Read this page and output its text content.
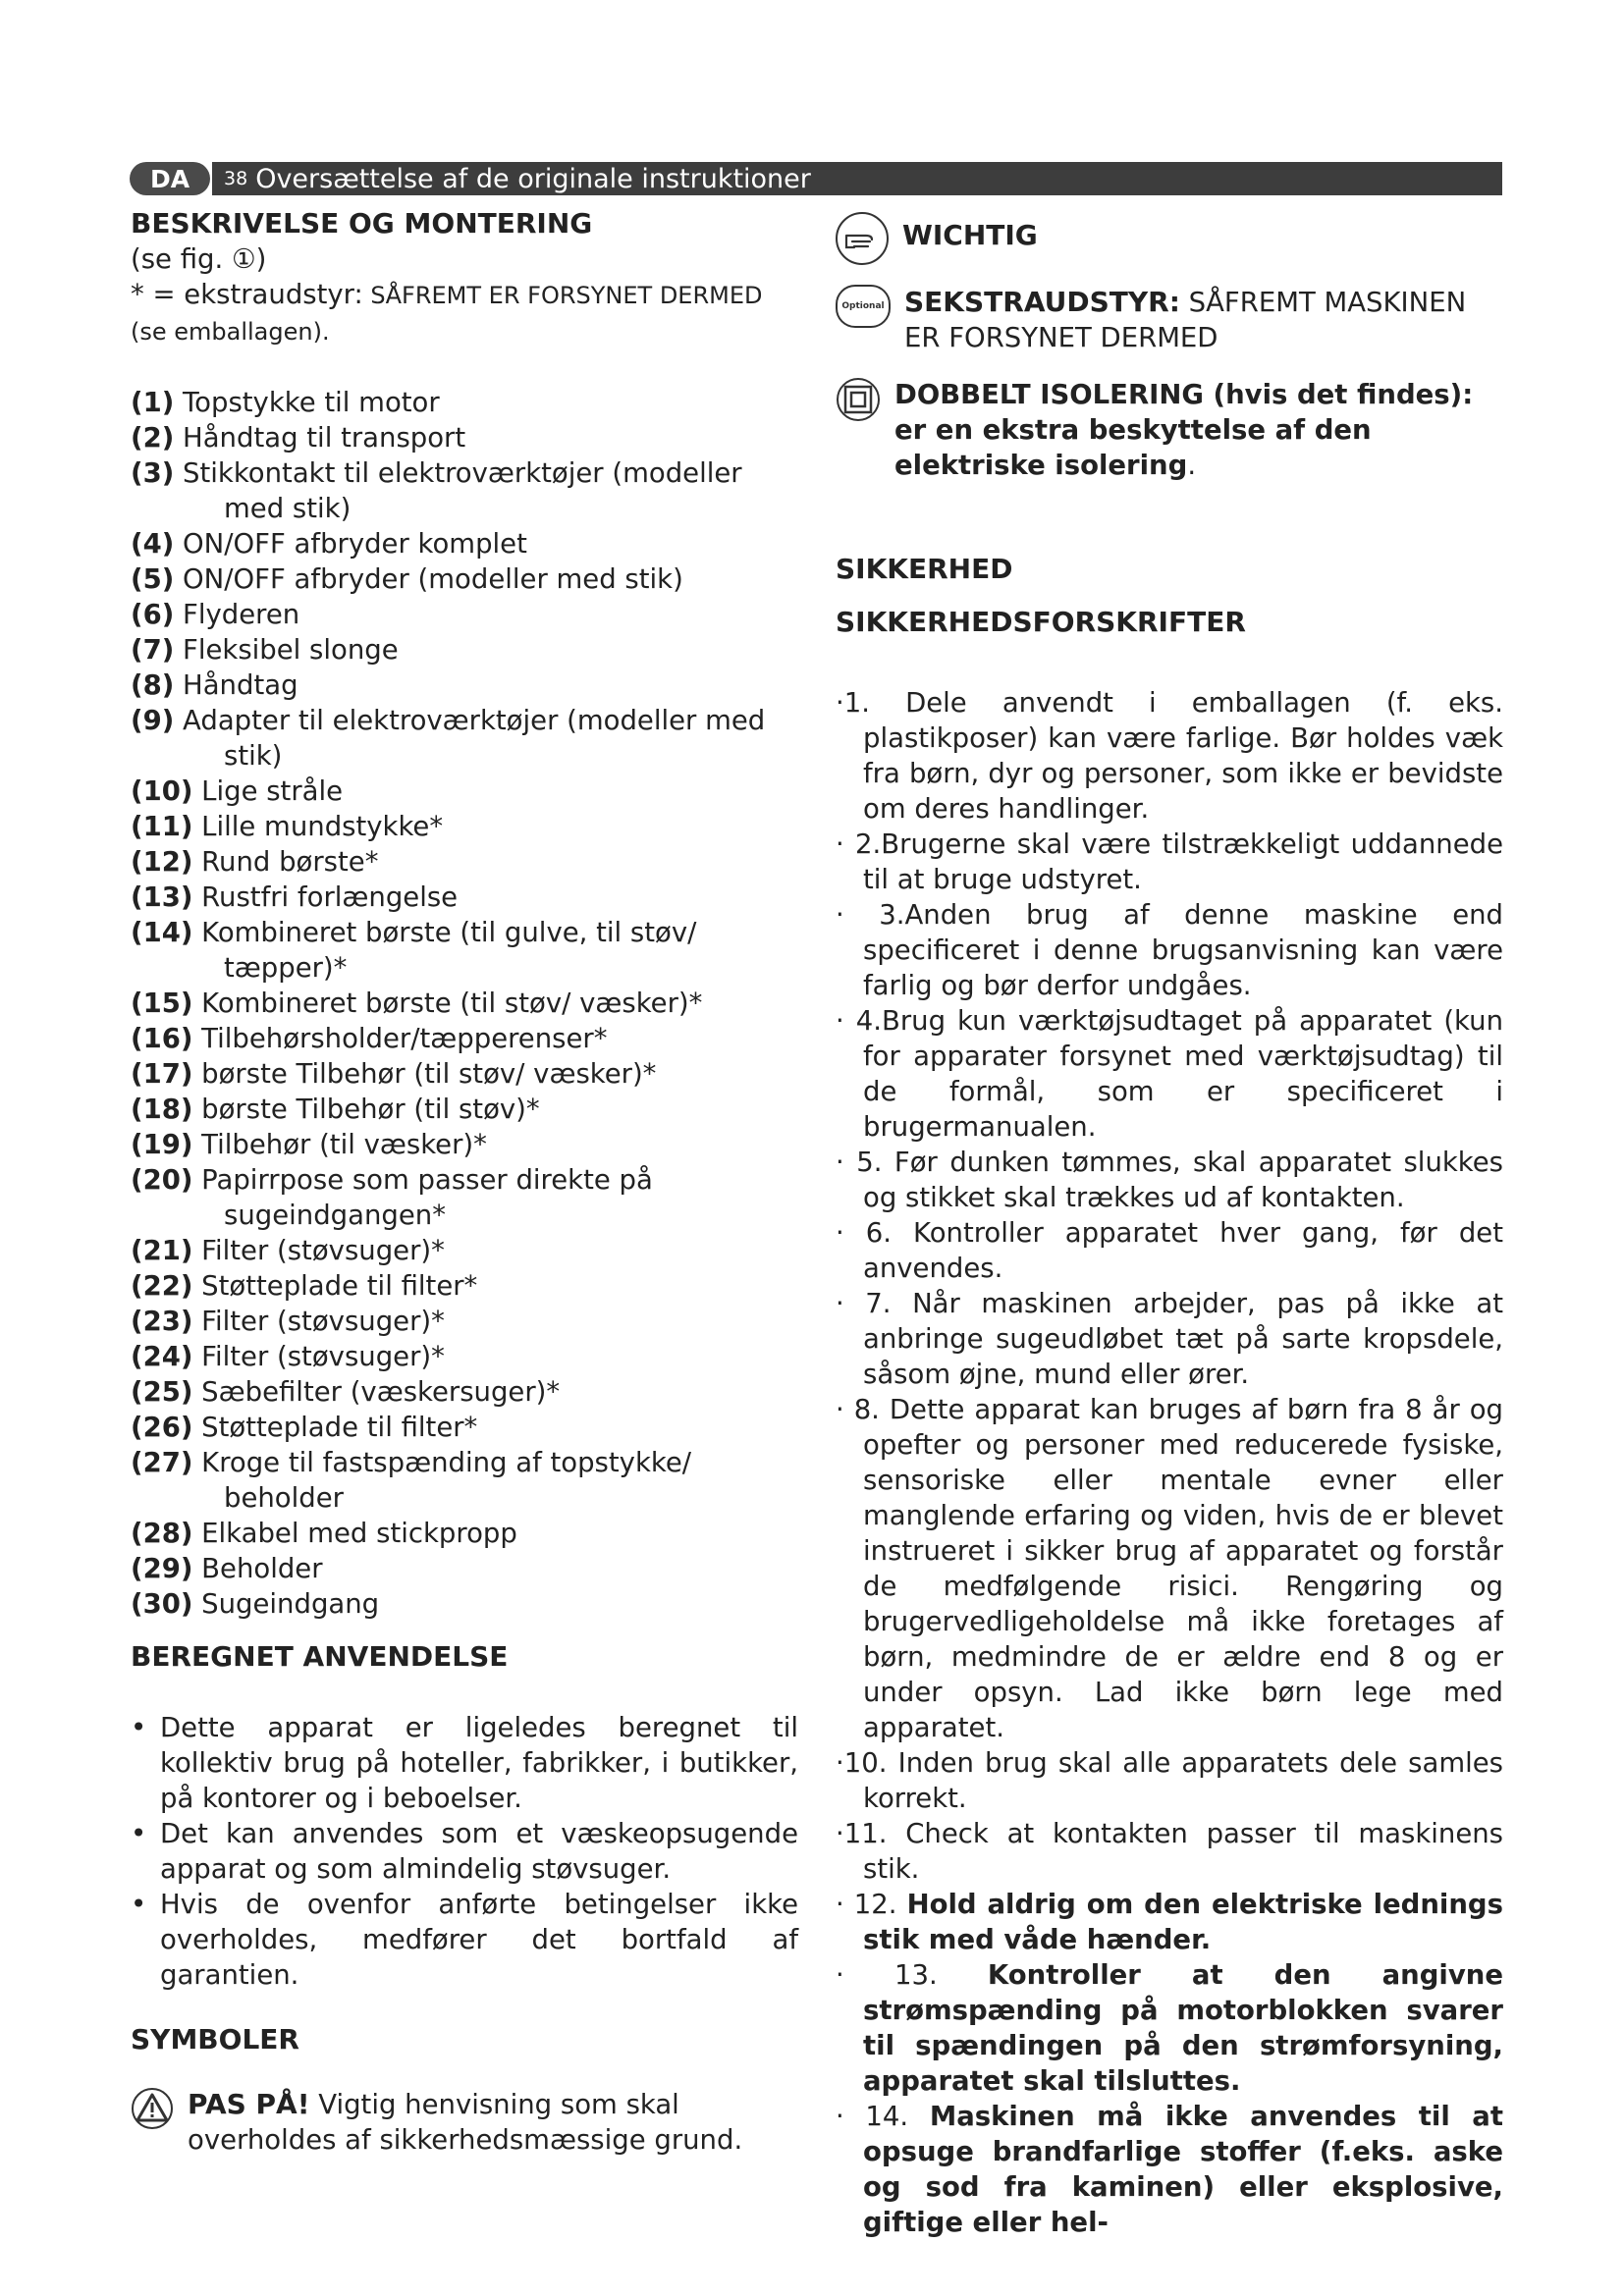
DA	38 Oversættelse af de originale instruktioner
BESKRIVELSE OG MONTERING

(se fig. ①)

* = ekstraudstyr: SÅFREMT ER FORSYNET DERMED (se emballagen).

(1) Topstykke til motor
(2) Håndtag til transport
(3) Stikkontakt til elektroværktøjer (modeller med stik)
(4) ON/OFF afbryder komplet
(5) ON/OFF afbryder (modeller med stik)
(6) Flyderen
(7) Fleksibel slonge
(8) Håndtag
(9) Adapter til elektroværktøjer (modeller med stik)
(10) Lige stråle
(11) Lille mundstykke*
(12) Rund børste*
(13) Rustfri forlængelse
(14) Kombineret børste (til gulve, til støv/ tæpper)*
(15) Kombineret børste (til støv/ væsker)*
(16) Tilbehørsholder/tæpperenser*
(17) børste Tilbehør (til støv/ væsker)*
(18) børste Tilbehør (til støv)*
(19) Tilbehør (til væsker)*
(20) Papirrpose som passer direkte på sugeindgangen*
(21) Filter (støvsuger)*
(22) Støtteplade til filter*
(23) Filter (støvsuger)*
(24) Filter (støvsuger)*
(25) Sæbefilter (væskersuger)*
(26) Støtteplade til filter*
(27) Kroge til fastspænding af topstykke/ beholder
(28) Elkabel med stickpropp
(29) Beholder
(30) Sugeindgang
BEREGNET ANVENDELSE
• Dette apparat er ligeledes beregnet til kollektiv brug på hoteller, fabrikker, i butikker, på kontorer og i beboelser.
• Det kan anvendes som et væskeopsugende apparat og som almindelig støvsuger.
• Hvis de ovenfor anførte betingelser ikke overholdes, medfører det bortfald af garantien.
SYMBOLER

PAS PÅ! Vigtig henvisning som skal overholdes af sikkerhedsmæssige grund.

WICHTIG
Optional SEKSTRAUDSTYR: SÅFREMT MASKINEN ER FORSYNET DERMED

DOBBELT ISOLERING (hvis det findes): er en ekstra beskyttelse af den elektriske isolering.

SIKKERHED
SIKKERHEDSFORSKRIFTER
·1. Dele anvendt i emballagen (f. eks. plastikposer) kan være farlige. Bør holdes væk fra børn, dyr og personer, som ikke er bevidste om deres handlinger.
· 2.Brugerne skal være tilstrækkeligt uddannede til at bruge udstyret.
· 3.Anden brug af denne maskine end specificeret i denne brugsanvisning kan være farlig og bør derfor undgåes.
· 4.Brug kun værktøjsudtaget på apparatet (kun for apparater forsynet med værktøjsudtag) til de formål, som er specificeret i brugermanualen.
· 5. Før dunken tømmes, skal apparatet slukkes og stikket skal trækkes ud af kontakten.
· 6. Kontroller apparatet hver gang, før det anvendes.
· 7. Når maskinen arbejder, pas på ikke at anbringe sugeudløbet tæt på sarte kropsdele, såsom øjne, mund eller ører.
· 8. Dette apparat kan bruges af børn fra 8 år og opefter og personer med reducerede fysiske, sensoriske eller mentale evner eller manglende erfaring og viden, hvis de er blevet instrueret i sikker brug af apparatet og forstår de medfølgende risici. Rengøring og brugervedligeholdelse må ikke foretages af børn, medmindre de er ældre end 8 og er under opsyn. Lad ikke børn lege med apparatet.
·10. Inden brug skal alle apparatets dele samles korrekt.
·11. Check at kontakten passer til maskinens stik.
· 12. Hold aldrig om den elektriske lednings stik med våde hænder.
· 13. Kontroller at den angivne strømspænding på motorblokken svarer til spændingen på den strømforsyning, apparatet skal tilsluttes.
· 14. Maskinen må ikke anvendes til at opsuge brandfarlige stoffer (f.eks. aske og sod fra kaminen) eller eksplosive, giftige eller hel-
